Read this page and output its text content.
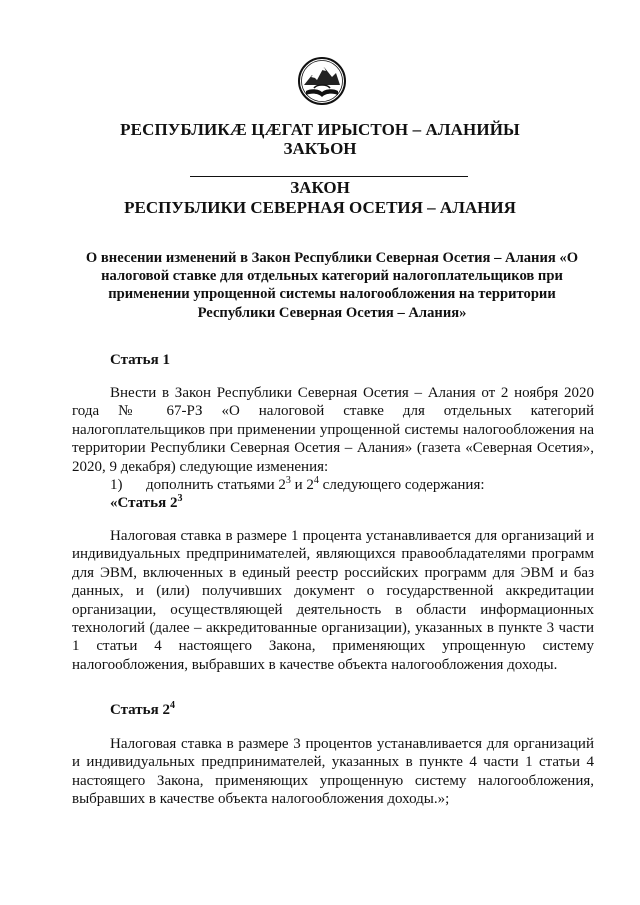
РЕСПУБЛИКÆ ЦÆГАТ ИРЫСТОН – АЛАНИЙЫ
ЗАКЪОН
ЗАКОН
РЕСПУБЛИКИ СЕВЕРНАЯ ОСЕТИЯ – АЛАНИЯ
О внесении изменений в Закон Республики Северная Осетия – Алания «О налоговой ставке для отдельных категорий налогоплательщиков при применении упрощенной системы налогообложения на территории Республики Северная Осетия – Алания»
Статья 1
Внести в Закон Республики Северная Осетия – Алания от 2 ноября 2020 года № 67-РЗ «О налоговой ставке для отдельных категорий налогоплательщиков при применении упрощенной системы налогообложения на территории Республики Северная Осетия – Алания» (газета «Северная Осетия», 2020, 9 декабря) следующие изменения:
1) дополнить статьями $2^3$ и $2^4$ следующего содержания:
«Статья $2^3$
Налоговая ставка в размере 1 процента устанавливается для организаций и индивидуальных предпринимателей, являющихся правообладателями программ для ЭВМ, включенных в единый реестр российских программ для ЭВМ и баз данных, и (или) получивших документ о государственной аккредитации организации, осуществляющей деятельность в области информационных технологий (далее – аккредитованные организации), указанных в пункте 3 части 1 статьи 4 настоящего Закона, применяющих упрощенную систему налогообложения, выбравших в качестве объекта налогообложения доходы.
Статья $2^4$
Налоговая ставка в размере 3 процентов устанавливается для организаций и индивидуальных предпринимателей, указанных в пункте 4 части 1 статьи 4 настоящего Закона, применяющих упрощенную систему налогообложения, выбравших в качестве объекта налогообложения доходы.»;
